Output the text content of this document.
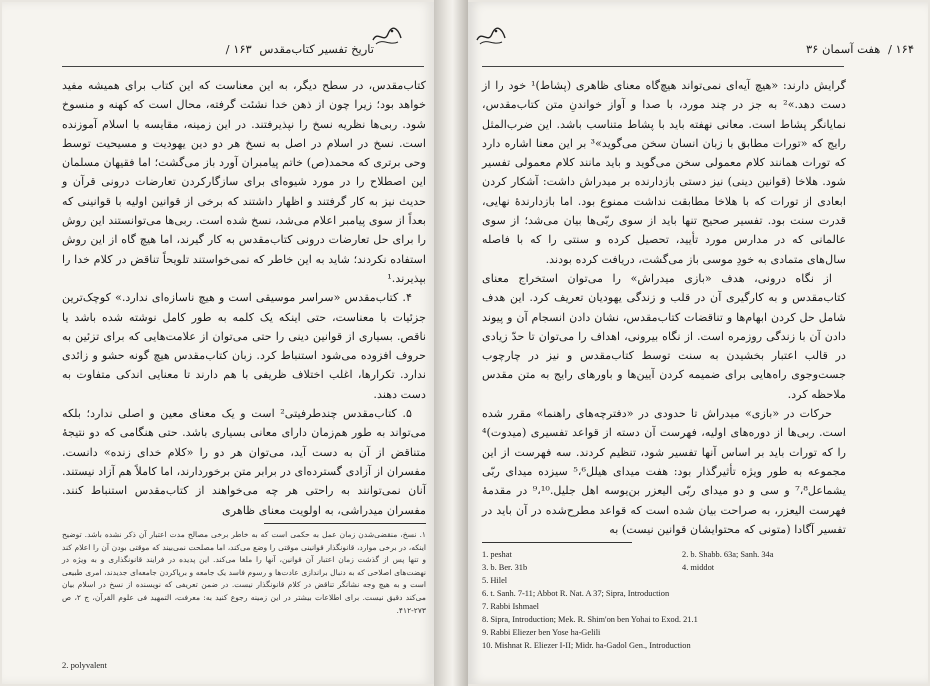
تاریخ تفسیر کتاب‌مقدس ۱۶۳ /

کتاب‌مقدس، در سطح دیگر، به این معناست که این کتاب برای همیشه مفید خواهد بود؛ زیرا چون از ذهن خدا نشئت گرفته، محال است که کهنه و منسوخ شود. ربی‌ها نظریه نسخ را نپذیرفتند. در این زمینه، مقایسه با اسلام آموزنده است. نسخ در اسلام در اصل به نسخ هر دو دین یهودیت و مسیحیت توسط وحی برتری که محمد(ص) خاتم پیامبران آورد باز می‌گشت؛ اما فقیهان مسلمان این اصطلاح را در مورد شیوه‌ای برای سازگارکردن تعارضات درونی قرآن و حدیث نیز به کار گرفتند و اظهار داشتند که برخی از قوانین اولیه با قوانینی که بعداً از سوی پیامبر اعلام می‌شد، نسخ شده است. ربی‌ها می‌توانستند این روش را برای حل تعارضات درونی کتاب‌مقدس به کار گیرند، اما هیچ گاه از این روش استفاده نکردند؛ شاید به این خاطر که نمی‌خواستند تلویحاً تناقض در کلام خدا را بپذیرند.¹

۴. کتاب‌مقدس «سراسر موسیقی است و هیچ ناسازه‌ای ندارد.» کوچک‌ترین جزئیات با معناست، حتی اینکه یک کلمه به طور کامل نوشته شده باشد یا ناقص. بسیاری از قوانین دینی را حتی می‌توان از علامت‌هایی که برای تزئین به حروف افزوده می‌شود استنباط کرد. زبان کتاب‌مقدس هیچ گونه حشو و زائدی ندارد. تکرارها، اغلب اختلاف ظریفی با هم دارند تا معنایی اندکی متفاوت به دست دهند.

۵. کتاب‌مقدس چندطرفیتی² است و یک معنای معین و اصلی ندارد؛ بلکه می‌تواند به طور هم‌زمان دارای معانی بسیاری باشد. حتی هنگامی که دو نتیجهٔ متناقض از آن به دست آید، می‌توان هر دو را «کلام خدای زنده» دانست. مفسران از آزادی گسترده‌ای در برابر متن برخوردارند، اما کاملاً هم آزاد نیستند. آنان نمی‌توانند به راحتی هر چه می‌خواهند از کتاب‌مقدس استنباط کنند. مفسران میدراشی، به اولویت معنای ظاهری

۱. نسخ، منقضی‌شدن زمان عمل به حکمی است که به خاطر برخی مصالح مدت اعتبار آن ذکر نشده باشد. توضیح اینکه، در برخی موارد، قانونگذار قوانینی موقتی را وضع می‌کند، اما مصلحت نمی‌بیند که موقتی بودن آن را اعلام کند و تنها پس از گذشت زمان اعتبار آن قوانین، آنها را ملغا می‌کند. این پدیده در فرایند قانونگذاری و به ویژه در نهضت‌های اصلاحی که به دنبال براندازی عادت‌ها و رسوم فاسد یک جامعه و برپاکردن جامعه‌ای جدیدند، امری طبیعی است و به هیچ وجه نشانگر تناقض در کلام قانونگذار نیست. در ضمن تعریفی که نویسنده از نسخ در اسلام بیان می‌کند دقیق نیست. برای اطلاعات بیشتر در این زمینه رجوع کنید به: معرفت، التمهید فی علوم القرآن، ج ۲، ص ۲۷۳-۴۱۲.
2. polyvalent
۱۶۴ / هفت آسمان ۳۶

گرایش دارند: «هیچ آیه‌ای نمی‌تواند هیچ‌گاه معنای ظاهری (پشاط)¹ خود را از دست دهد.»² به جز در چند مورد، با صدا و آواز خواندنِ متن کتاب‌مقدس، نمایانگر پشاط است. معانی نهفته باید با پشاط متناسب باشد. این ضرب‌المثل رایج که «تورات مطابق با زبان انسان سخن می‌گوید»³ بر این معنا اشاره دارد که تورات همانند کلام معمولی سخن می‌گوید و باید مانند کلام معمولی تفسیر شود. هلاخا (قوانین دینی) نیز دستی بازدارنده بر میدراش داشت: آشکار کردن ابعادی از تورات که با هلاخا مطابقت نداشت ممنوع بود. اما بازدارندهٔ نهایی، قدرت سنت بود. تفسیر صحیح تنها باید از سوی ربّی‌ها بیان می‌شد؛ از سوی عالمانی که در مدارس مورد تأیید، تحصیل کرده و سنتی را که با فاصله سال‌های متمادی به خودِ موسی باز می‌گشت، دریافت کرده بودند.

از نگاه درونی، هدف «بازی میدراش» را می‌توان استخراج معنای کتاب‌مقدس و به کارگیری آن در قلب و زندگی یهودیان تعریف کرد. این هدف شامل حل کردن ابهام‌ها و تناقضات کتاب‌مقدس، نشان دادن انسجام آن و پیوند دادن آن با زندگی روزمره است. از نگاه بیرونی، اهداف را می‌توان تا حدّ زیادی در قالب اعتبار بخشیدن به سنت توسط کتاب‌مقدس و نیز در چارچوب جست‌وجوی راه‌هایی برای ضمیمه کردن آیین‌ها و باورهای رایج به متن مقدس ملاحظه کرد.

حرکات در «بازی» میدراش تا حدودی در «دفترچه‌های راهنما» مقرر شده است. ربی‌ها از دوره‌های اولیه، فهرست آن دسته از قواعد تفسیری (میدوت)⁴ را که تورات باید بر اساس آنها تفسیر شود، تنظیم کردند. سه فهرست از این مجموعه به طور ویژه تأثیرگذار بود: هفت میدای هیلل⁵،⁶ سیزده میدای ربّی یشماعل⁷،⁸ و سی و دو میدای ربّی الیعزر بن‌یوسه اهل جلیل.⁹،¹⁰ در مقدمهٔ فهرست الیعزر، به صراحت بیان شده است که قواعد مطرح‌شده در آن باید در تفسیر آگادا (متونی که محتوایشان قوانین نیست) به

1. peshat	2. b. Shabb. 63a; Sanh. 34a
3. b. Ber. 31b	4. middot
5. Hilel
6. t. Sanh. 7-11; Abbot R. Nat. A 37; Sipra, Introduction
7. Rabbi Ishmael
8. Sipra, Introduction; Mek. R. Shim'on ben Yohai to Exod. 21.1
9. Rabbi Eliezer ben Yose ha-Gelili
10. Mishnat R. Eliezer I-II; Midr. ha-Gadol Gen., Introduction
